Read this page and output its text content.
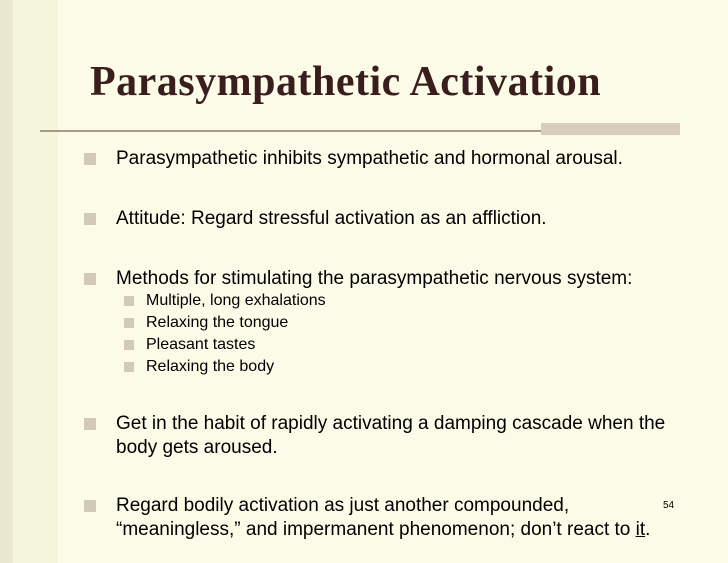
Parasympathetic Activation
Parasympathetic inhibits sympathetic and hormonal arousal.
Attitude: Regard stressful activation as an affliction.
Methods for stimulating the parasympathetic nervous system:
Multiple, long exhalations
Relaxing the tongue
Pleasant tastes
Relaxing the body
Get in the habit of rapidly activating a damping cascade when the body gets aroused.
Regard bodily activation as just another compounded, “meaningless,” and impermanent phenomenon; don’t react to it.
54
